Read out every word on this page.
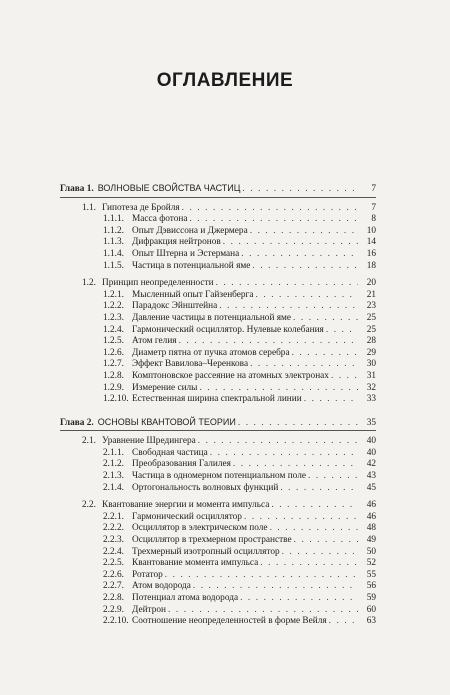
ОГЛАВЛЕНИЕ
Глава 1. ВОЛНОВЫЕ СВОЙСТВА ЧАСТИЦ . . .	7
1.1. Гипотеза де Бройля . . .	7
1.1.1. Масса фотона . . .	8
1.1.2. Опыт Дэвиссона и Джермера . . .	10
1.1.3. Дифракция нейтронов . . .	14
1.1.4. Опыт Штерна и Эстермана . . .	16
1.1.5. Частица в потенциальной яме . . .	18
1.2. Принцип неопределенности . . .	20
1.2.1. Мысленный опыт Гайзенберга . . .	21
1.2.2. Парадокс Эйнштейна . . .	23
1.2.3. Давление частицы в потенциальной яме . . .	25
1.2.4. Гармонический осциллятор. Нулевые колебания . . .	25
1.2.5. Атом гелия . . .	28
1.2.6. Диаметр пятна от пучка атомов серебра . . .	29
1.2.7. Эффект Вавилова–Черенкова . . .	30
1.2.8. Комптоновское рассеяние на атомных электронах . . .	31
1.2.9. Измерение силы . . .	32
1.2.10. Естественная ширина спектральной линии . . .	33
Глава 2. ОСНОВЫ КВАНТОВОЙ ТЕОРИИ . . .	35
2.1. Уравнение Шредингера . . .	40
2.1.1. Свободная частица . . .	40
2.1.2. Преобразования Галилея . . .	42
2.1.3. Частица в одномерном потенциальном поле . . .	43
2.1.4. Ортогональность волновых функций . . .	45
2.2. Квантование энергии и момента импульса . . .	46
2.2.1. Гармонический осциллятор . . .	46
2.2.2. Осциллятор в электрическом поле . . .	48
2.2.3. Осциллятор в трехмерном пространстве . . .	49
2.2.4. Трехмерный изотропный осциллятор . . .	50
2.2.5. Квантование момента импульса . . .	52
2.2.6. Ротатор . . .	55
2.2.7. Атом водорода . . .	56
2.2.8. Потенциал атома водорода . . .	59
2.2.9. Дейтрон . . .	60
2.2.10. Соотношение неопределенностей в форме Вейля . . .	63
